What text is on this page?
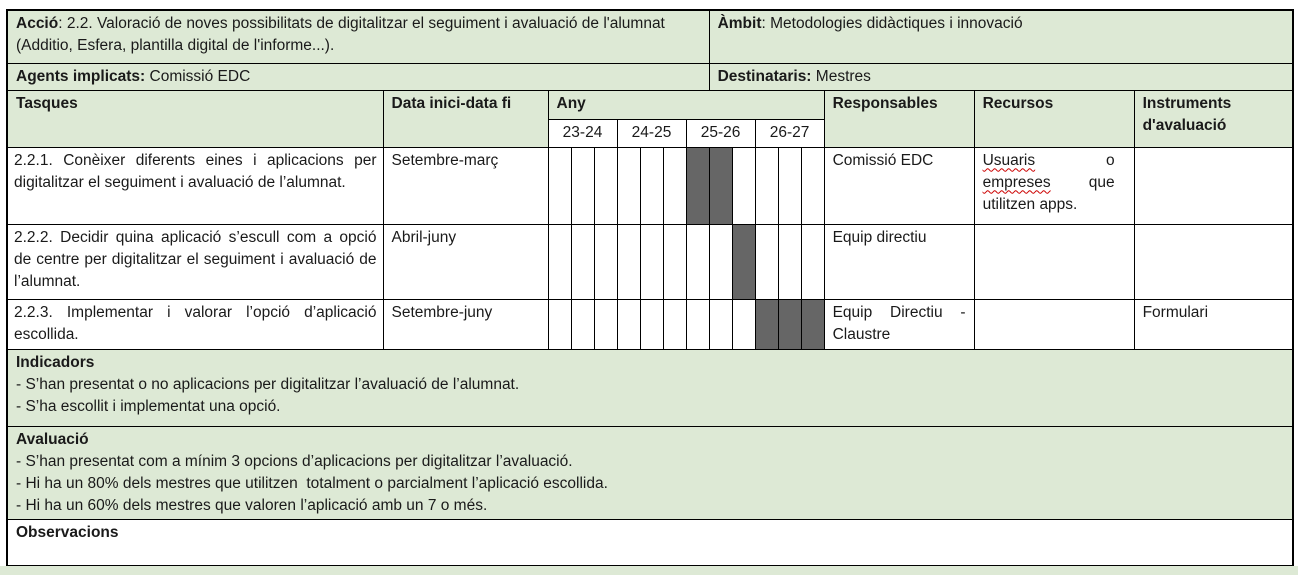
Acció: 2.2. Valoració de noves possibilitats de digitalitzar el seguiment i avaluació de l'alumnat (Additio, Esfera, plantilla digital de l'informe...).									Àmbit: Metodologies didàctiques i innovació							
Agents implicats: Comissió EDC									Destinataris: Mestres							
Tasques	Data inici-data fi	Any												Responsables	Recursos	Instruments d'avaluació
		23-24			24-25			25-26			26-27					
2.2.1. Conèixer diferents eines i aplicacions per digitalitzar el seguiment i avaluació de l’alumnat.	Setembre-març													Comissió EDC	Usuaris o empreses que utilitzen apps.	

2.2.2. Decidir quina aplicació s’escull com a opció de centre per digitalitzar el seguiment i avaluació de l’alumnat.	Abril-juny													Equip directiu		
2.2.3. Implementar i valorar l’opció d’aplicació escollida.	Setembre-juny													Equip Directiu - Claustre		Formulari

Indicadors
- S’han presentat o no aplicacions per digitalitzar l’avaluació de l’alumnat.
- S’ha escollit i implementat una opció.																

Avaluació
- S’han presentat com a mínim 3 opcions d’aplicacions per digitalitzar l’avaluació.
- Hi ha un 80% dels mestres que utilitzen  totalment o parcialment l’aplicació escollida.
- Hi ha un 60% dels mestres que valoren l’aplicació amb un 7 o més.																

Observacions																
